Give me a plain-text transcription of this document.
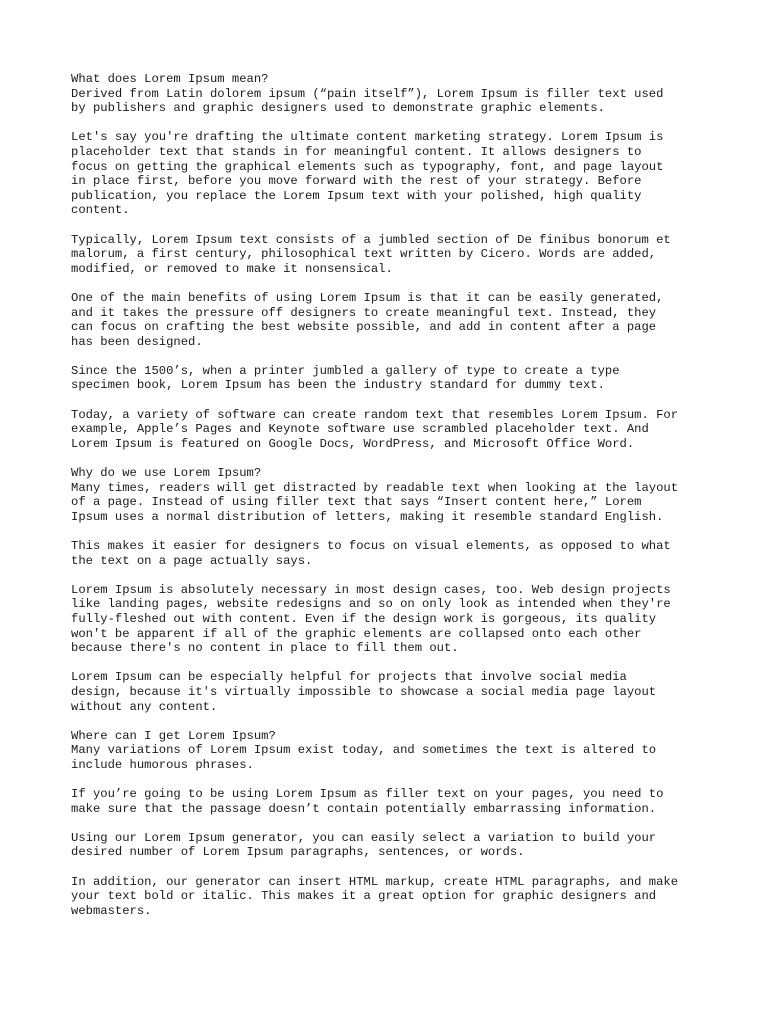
What does Lorem Ipsum mean?
Derived from Latin dolorem ipsum (“pain itself”), Lorem Ipsum is filler text used
by publishers and graphic designers used to demonstrate graphic elements.

Let's say you're drafting the ultimate content marketing strategy. Lorem Ipsum is
placeholder text that stands in for meaningful content. It allows designers to
focus on getting the graphical elements such as typography, font, and page layout
in place first, before you move forward with the rest of your strategy. Before
publication, you replace the Lorem Ipsum text with your polished, high quality
content.

Typically, Lorem Ipsum text consists of a jumbled section of De finibus bonorum et
malorum, a first century, philosophical text written by Cicero. Words are added,
modified, or removed to make it nonsensical.

One of the main benefits of using Lorem Ipsum is that it can be easily generated,
and it takes the pressure off designers to create meaningful text. Instead, they
can focus on crafting the best website possible, and add in content after a page
has been designed.

Since the 1500’s, when a printer jumbled a gallery of type to create a type
specimen book, Lorem Ipsum has been the industry standard for dummy text.

Today, a variety of software can create random text that resembles Lorem Ipsum. For
example, Apple’s Pages and Keynote software use scrambled placeholder text. And
Lorem Ipsum is featured on Google Docs, WordPress, and Microsoft Office Word.

Why do we use Lorem Ipsum?
Many times, readers will get distracted by readable text when looking at the layout
of a page. Instead of using filler text that says “Insert content here,” Lorem
Ipsum uses a normal distribution of letters, making it resemble standard English.

This makes it easier for designers to focus on visual elements, as opposed to what
the text on a page actually says.

Lorem Ipsum is absolutely necessary in most design cases, too. Web design projects
like landing pages, website redesigns and so on only look as intended when they're
fully-fleshed out with content. Even if the design work is gorgeous, its quality
won't be apparent if all of the graphic elements are collapsed onto each other
because there's no content in place to fill them out.

Lorem Ipsum can be especially helpful for projects that involve social media
design, because it's virtually impossible to showcase a social media page layout
without any content.

Where can I get Lorem Ipsum?
Many variations of Lorem Ipsum exist today, and sometimes the text is altered to
include humorous phrases.

If you’re going to be using Lorem Ipsum as filler text on your pages, you need to
make sure that the passage doesn’t contain potentially embarrassing information.

Using our Lorem Ipsum generator, you can easily select a variation to build your
desired number of Lorem Ipsum paragraphs, sentences, or words.

In addition, our generator can insert HTML markup, create HTML paragraphs, and make
your text bold or italic. This makes it a great option for graphic designers and
webmasters.
